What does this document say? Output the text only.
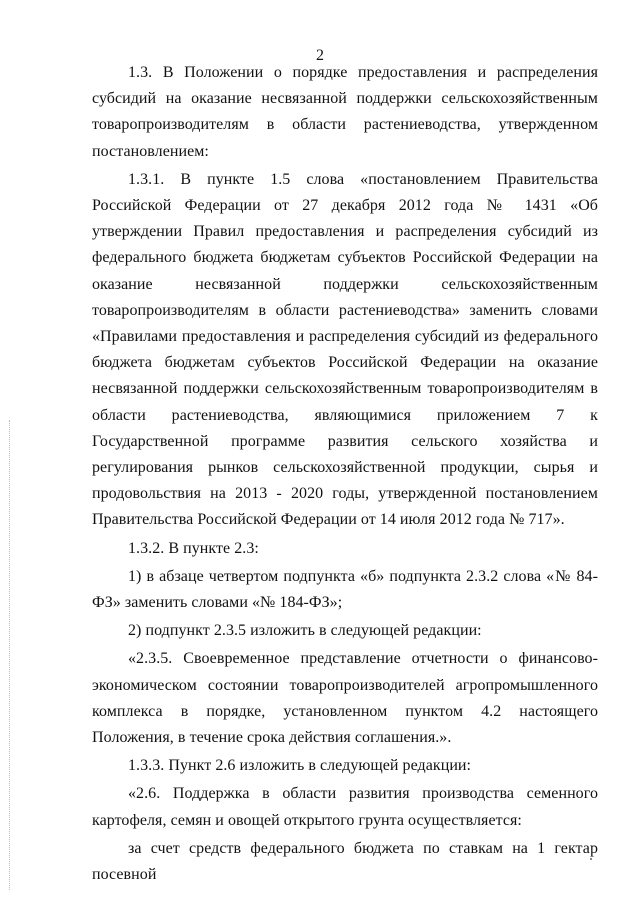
2

1.3. В Положении о порядке предоставления и распределения субсидий на оказание несвязанной поддержки сельскохозяйственным товаропроизводителям в области растениеводства, утвержденном постановлением:

1.3.1. В пункте 1.5 слова «постановлением Правительства Российской Федерации от 27 декабря 2012 года № 1431 «Об утверждении Правил предоставления и распределения субсидий из федерального бюджета бюджетам субъектов Российской Федерации на оказание несвязанной поддержки сельскохозяйственным товаропроизводителям в области растениеводства» заменить словами «Правилами предоставления и распределения субсидий из федерального бюджета бюджетам субъектов Российской Федерации на оказание несвязанной поддержки сельскохозяйственным товаропроизводителям в области растениеводства, являющимися приложением 7 к Государственной программе развития сельского хозяйства и регулирования рынков сельскохозяйственной продукции, сырья и продовольствия на 2013 - 2020 годы, утвержденной постановлением Правительства Российской Федерации от 14 июля 2012 года № 717».

1.3.2. В пункте 2.3:

1) в абзаце четвертом подпункта «б» подпункта 2.3.2 слова «№ 84-ФЗ» заменить словами «№ 184-ФЗ»;

2) подпункт 2.3.5 изложить в следующей редакции:

«2.3.5. Своевременное представление отчетности о финансово-экономическом состоянии товаропроизводителей агропромышленного комплекса в порядке, установленном пунктом 4.2 настоящего Положения, в течение срока действия соглашения.».

1.3.3. Пункт 2.6 изложить в следующей редакции:

«2.6. Поддержка в области развития производства семенного картофеля, семян и овощей открытого грунта осуществляется:

за счет средств федерального бюджета по ставкам на 1 гектар посевной
